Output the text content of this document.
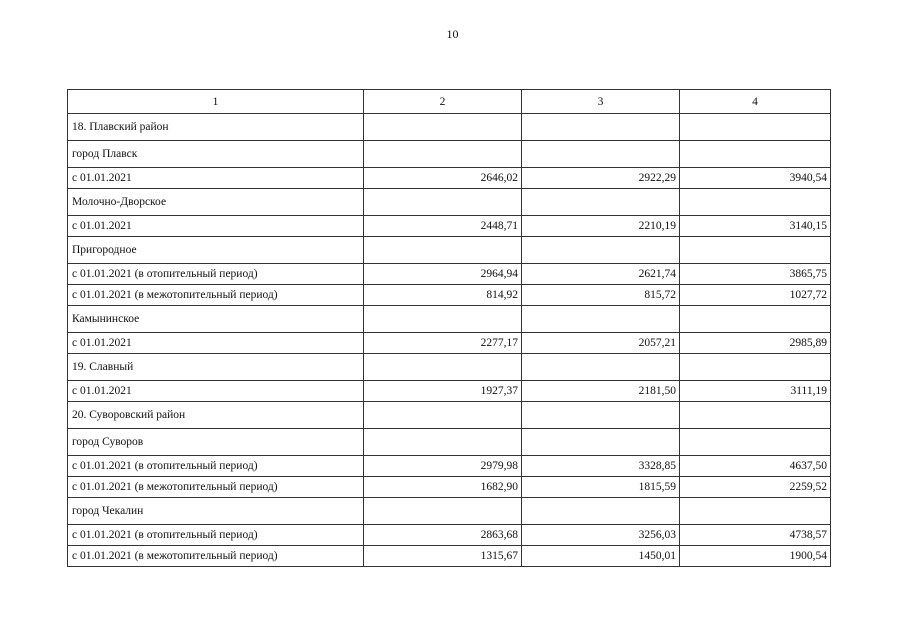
10
1	2	3	4
18. Плавский район			
город Плавск			
с 01.01.2021	2646,02	2922,29	3940,54
Молочно-Дворское			
с 01.01.2021	2448,71	2210,19	3140,15
Пригородное			
с 01.01.2021 (в отопительный период)	2964,94	2621,74	3865,75
с 01.01.2021 (в межотопительный период)	814,92	815,72	1027,72
Камынинское			
с 01.01.2021	2277,17	2057,21	2985,89
19. Славный			
с 01.01.2021	1927,37	2181,50	3111,19
20. Суворовский район			
город Суворов			
с 01.01.2021 (в отопительный период)	2979,98	3328,85	4637,50
с 01.01.2021 (в межотопительный период)	1682,90	1815,59	2259,52
город Чекалин			
с 01.01.2021 (в отопительный период)	2863,68	3256,03	4738,57
с 01.01.2021 (в межотопительный период)	1315,67	1450,01	1900,54
